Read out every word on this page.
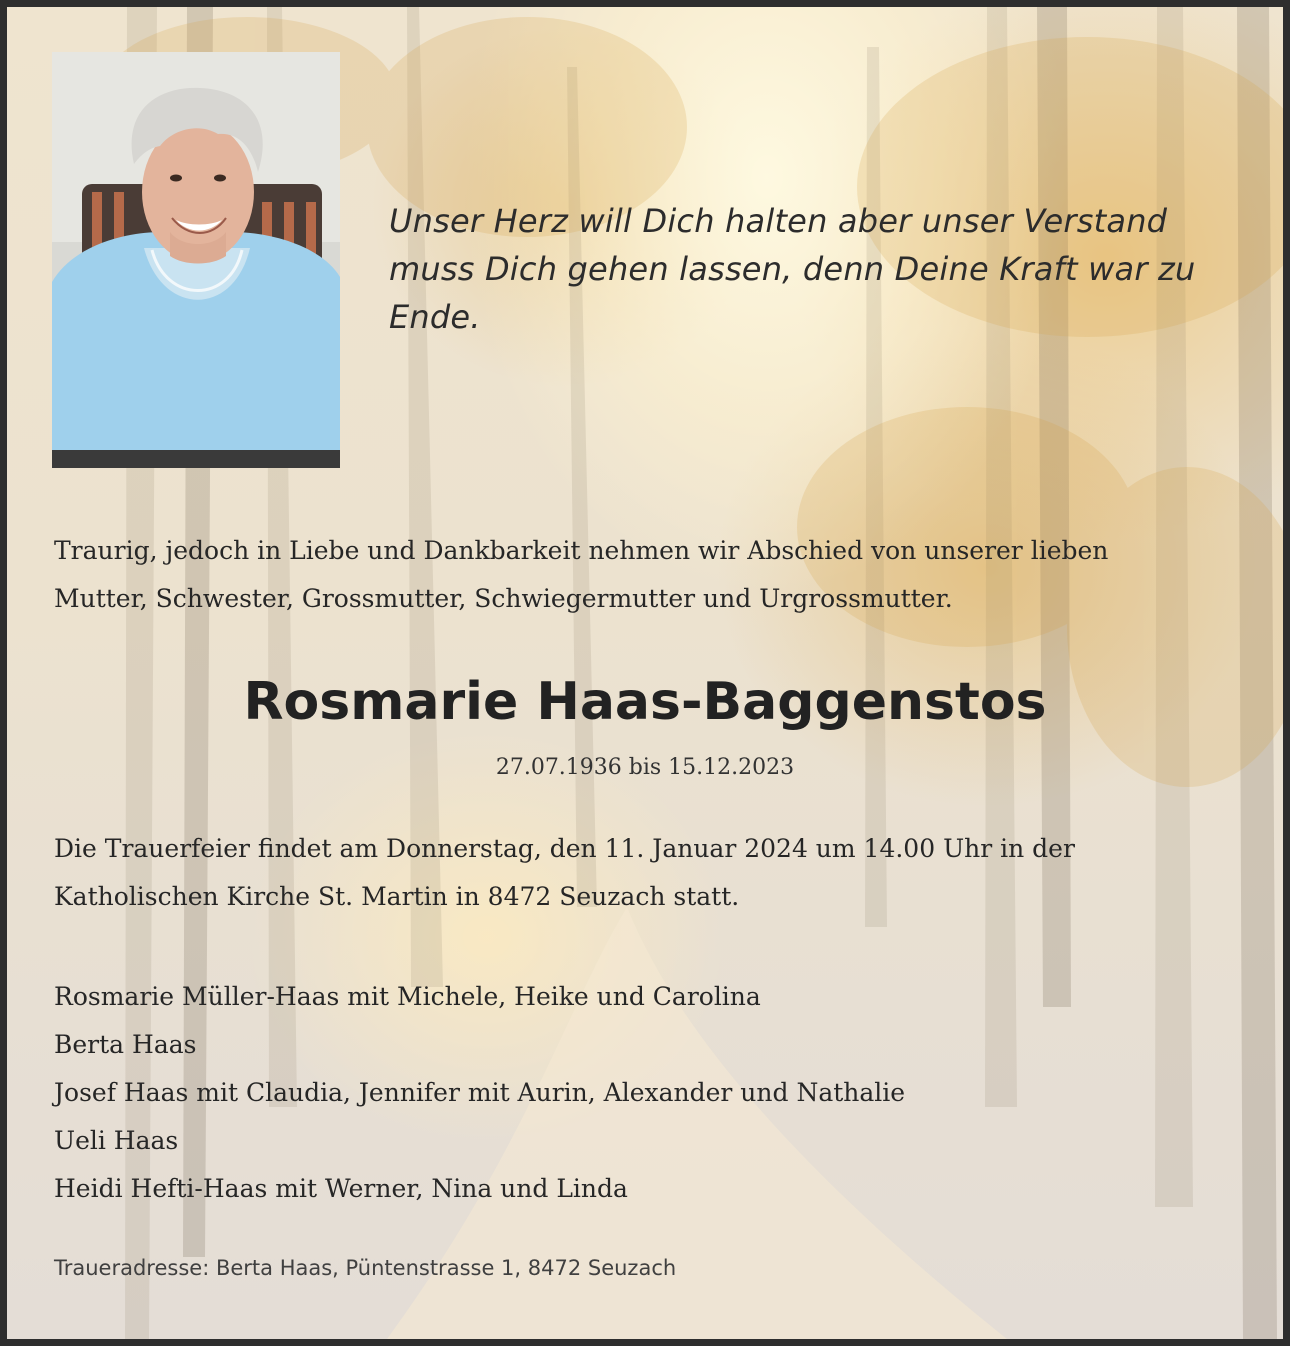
Unser Herz will Dich halten aber unser Verstand
muss Dich gehen lassen, denn Deine Kraft war zu
Ende.

Traurig, jedoch in Liebe und Dankbarkeit nehmen wir Abschied von unserer lieben
Mutter, Schwester, Grossmutter, Schwiegermutter und Urgrossmutter.

Rosmarie Haas-Baggenstos

27.07.1936 bis 15.12.2023

Die Trauerfeier findet am Donnerstag, den 11. Januar 2024 um 14.00 Uhr in der
Katholischen Kirche St. Martin in 8472 Seuzach statt.

Rosmarie Müller-Haas mit Michele, Heike und Carolina
Berta Haas
Josef Haas mit Claudia, Jennifer mit Aurin, Alexander und Nathalie
Ueli Haas
Heidi Hefti-Haas mit Werner, Nina und Linda

Traueradresse: Berta Haas, Püntenstrasse 1, 8472 Seuzach
